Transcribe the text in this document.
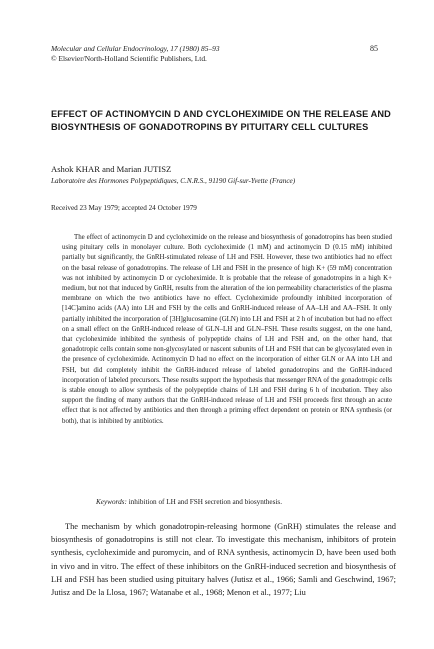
Molecular and Cellular Endocrinology, 17 (1980) 85–93	85
© Elsevier/North-Holland Scientific Publishers, Ltd.
EFFECT OF ACTINOMYCIN D AND CYCLOHEXIMIDE ON THE RELEASE AND BIOSYNTHESIS OF GONADOTROPINS BY PITUITARY CELL CULTURES
Ashok KHAR and Marian JUTISZ
Laboratoire des Hormones Polypeptidiques, C.N.R.S., 91190 Gif-sur-Yvette (France)
Received 23 May 1979; accepted 24 October 1979

The effect of actinomycin D and cycloheximide on the release and biosynthesis of gonadotropins has been studied using pituitary cells in monolayer culture. Both cycloheximide (1 mM) and actinomycin D (0.15 mM) inhibited partially but significantly, the GnRH-stimulated release of LH and FSH. However, these two antibiotics had no effect on the basal release of gonadotropins. The release of LH and FSH in the presence of high K+ (59 mM) concentration was not inhibited by actinomycin D or cycloheximide. It is probable that the release of gonadotropins in a high K+ medium, but not that induced by GnRH, results from the alteration of the ion permeability characteristics of the plasma membrane on which the two antibiotics have no effect. Cycloheximide profoundly inhibited incorporation of [14C]amino acids (AA) into LH and FSH by the cells and GnRH-induced release of AA–LH and AA–FSH. It only partially inhibited the incorporation of [3H]glucosamine (GLN) into LH and FSH at 2 h of incubation but had no effect on a small effect on the GnRH-induced release of GLN–LH and GLN–FSH. These results suggest, on the one hand, that cycloheximide inhibited the synthesis of polypeptide chains of LH and FSH and, on the other hand, that gonadotropic cells contain some non-glycosylated or nascent subunits of LH and FSH that can be glycosylated even in the presence of cycloheximide. Actinomycin D had no effect on the incorporation of either GLN or AA into LH and FSH, but did completely inhibit the GnRH-induced release of labeled gonadotropins and the GnRH-induced incorporation of labeled precursors. These results support the hypothesis that messenger RNA of the gonadotropic cells is stable enough to allow synthesis of the polypeptide chains of LH and FSH during 6 h of incubation. They also support the finding of many authors that the GnRH-induced release of LH and FSH proceeds first through an acute effect that is not affected by antibiotics and then through a priming effect dependent on protein or RNA synthesis (or both), that is inhibited by antibiotics.

Keywords: inhibition of LH and FSH secretion and biosynthesis.

The mechanism by which gonadotropin-releasing hormone (GnRH) stimulates the release and biosynthesis of gonadotropins is still not clear. To investigate this mechanism, inhibitors of protein synthesis, cycloheximide and puromycin, and of RNA synthesis, actinomycin D, have been used both in vivo and in vitro. The effect of these inhibitors on the GnRH-induced secretion and biosynthesis of LH and FSH has been studied using pituitary halves (Jutisz et al., 1966; Samli and Geschwind, 1967; Jutisz and De la Llosa, 1967; Watanabe et al., 1968; Menon et al., 1977; Liu
